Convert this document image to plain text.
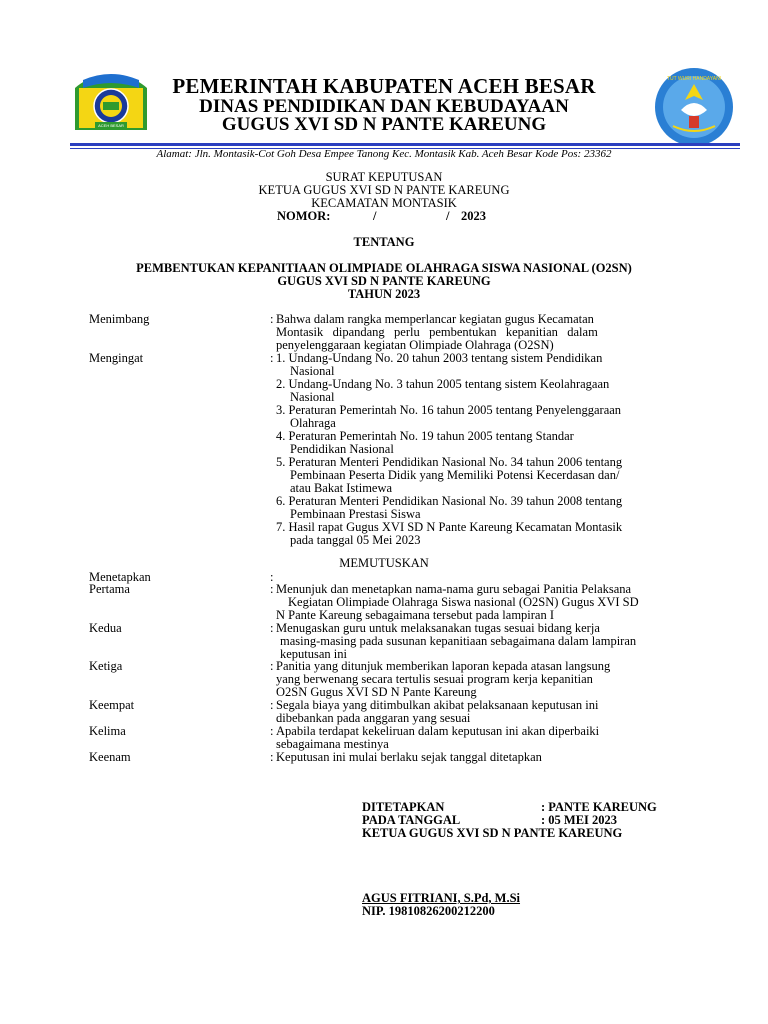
ACEH BESAR
TUT WURI HANDAYANI
PEMERINTAH KABUPATEN ACEH BESAR
DINAS PENDIDIKAN DAN KEBUDAYAAN
GUGUS XVI SD N PANTE KAREUNG
Alamat: Jln. Montasik-Cot Goh Desa Empee Tanong Kec. Montasik Kab. Aceh Besar Kode Pos: 23362
SURAT KEPUTUSAN
KETUA GUGUS XVI SD N PANTE KAREUNG
KECAMATAN MONTASIK
NOMOR:	/	/ 2023
TENTANG
PEMBENTUKAN KEPANITIAAN OLIMPIADE OLAHRAGA SISWA NASIONAL (O2SN)
GUGUS XVI SD N PANTE KAREUNG
TAHUN 2023
Menimbang	: Bahwa dalam rangka memperlancar kegiatan gugus Kecamatan
Montasik   dipandang   perlu   pembentukan   kepanitian   dalam
penyelenggaraan kegiatan Olimpiade Olahraga (O2SN)
Mengingat	: 1. Undang-Undang No. 20 tahun 2003 tentang sistem Pendidikan
Nasional
2. Undang-Undang No. 3 tahun 2005 tentang sistem Keolahragaan
Nasional
3. Peraturan Pemerintah No. 16 tahun 2005 tentang Penyelenggaraan
Olahraga
4. Peraturan Pemerintah No. 19 tahun 2005 tentang Standar
Pendidikan Nasional
5. Peraturan Menteri Pendidikan Nasional No. 34 tahun 2006 tentang
Pembinaan Peserta Didik yang Memiliki Potensi Kecerdasan dan/
atau Bakat Istimewa
6. Peraturan Menteri Pendidikan Nasional No. 39 tahun 2008 tentang
Pembinaan Prestasi Siswa
7. Hasil rapat Gugus XVI SD N Pante Kareung Kecamatan Montasik
pada tanggal 05 Mei 2023
MEMUTUSKAN
Menetapkan	:
Pertama	: Menunjuk dan menetapkan nama-nama guru sebagai Panitia Pelaksana
Kegiatan Olimpiade Olahraga Siswa nasional (O2SN) Gugus XVI SD
N Pante Kareung sebagaimana tersebut pada lampiran I
Kedua	: Menugaskan guru untuk melaksanakan tugas sesuai bidang kerja
masing-masing pada susunan kepanitiaan sebagaimana dalam lampiran
keputusan ini
Ketiga	: Panitia yang ditunjuk memberikan laporan kepada atasan langsung
yang berwenang secara tertulis sesuai program kerja kepanitian
O2SN Gugus XVI SD N Pante Kareung
Keempat	: Segala biaya yang ditimbulkan akibat pelaksanaan keputusan ini
dibebankan pada anggaran yang sesuai
Kelima	: Apabila terdapat kekeliruan dalam keputusan ini akan diperbaiki
sebagaimana mestinya
Keenam	: Keputusan ini mulai berlaku sejak tanggal ditetapkan
DITETAPKAN	: PANTE KAREUNG
PADA TANGGAL	: 05 MEI 2023
KETUA GUGUS XVI SD N PANTE KAREUNG
AGUS FITRIANI, S.Pd, M.Si
NIP. 19810826200212200
